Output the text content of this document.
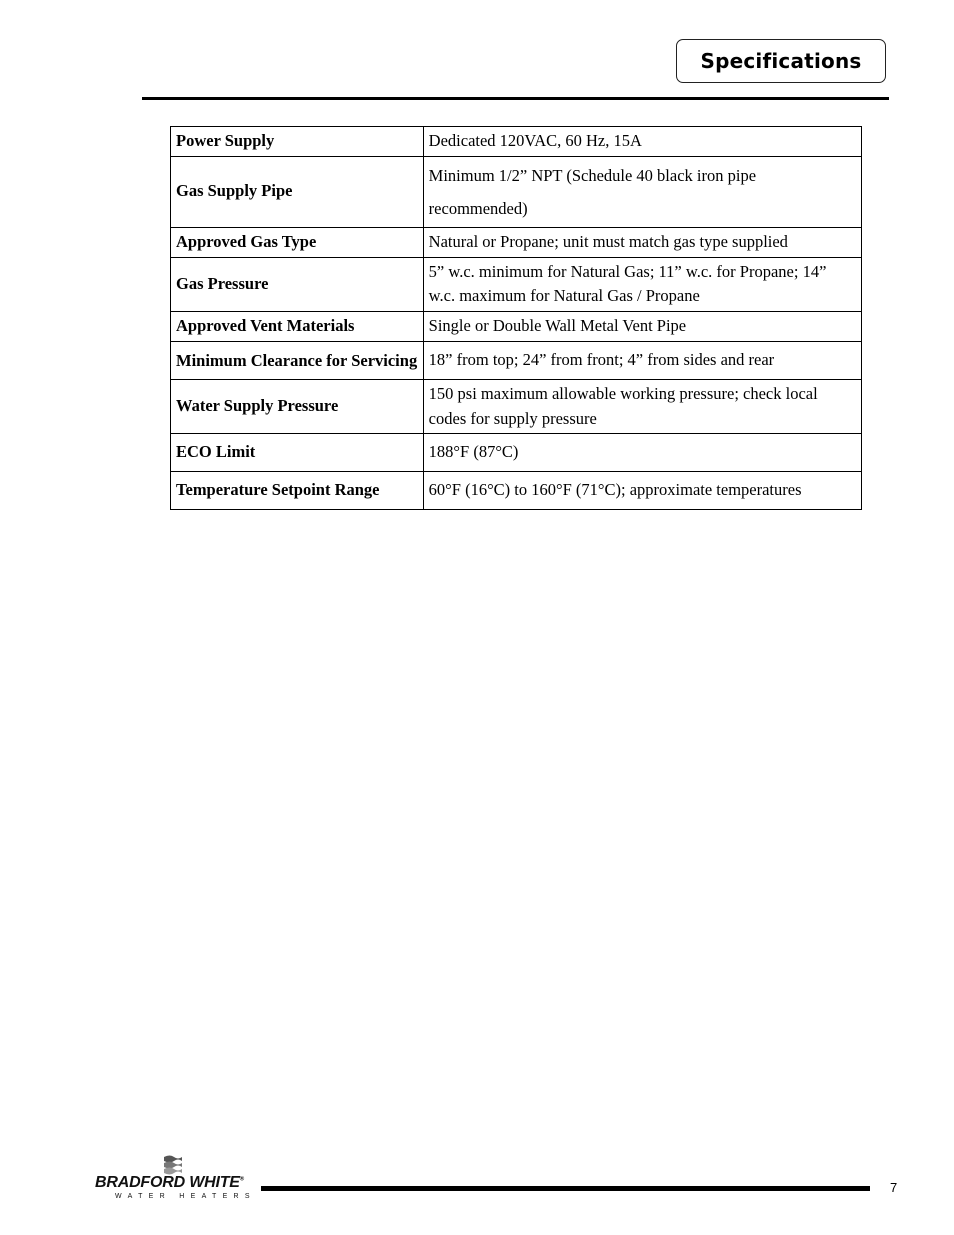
Specifications
Power Supply	Dedicated 120VAC, 60 Hz, 15A
Gas Supply Pipe	Minimum 1/2” NPT (Schedule 40 black iron pipe recommended)
Approved Gas Type	Natural or Propane; unit must match gas type supplied
Gas Pressure	5” w.c. minimum for Natural Gas; 11” w.c. for Propane; 14” w.c. maximum for Natural Gas / Propane
Approved Vent Materials	Single or Double Wall Metal Vent Pipe
Minimum Clearance for Servicing	18” from top; 24” from front; 4” from sides and rear
Water Supply Pressure	150 psi maximum allowable working pressure; check local codes for supply pressure
ECO Limit	188°F (87°C)
Temperature Setpoint Range	60°F (16°C) to 160°F (71°C); approximate temperatures
BRADFORD WHITE®
WATER HEATERS
7
